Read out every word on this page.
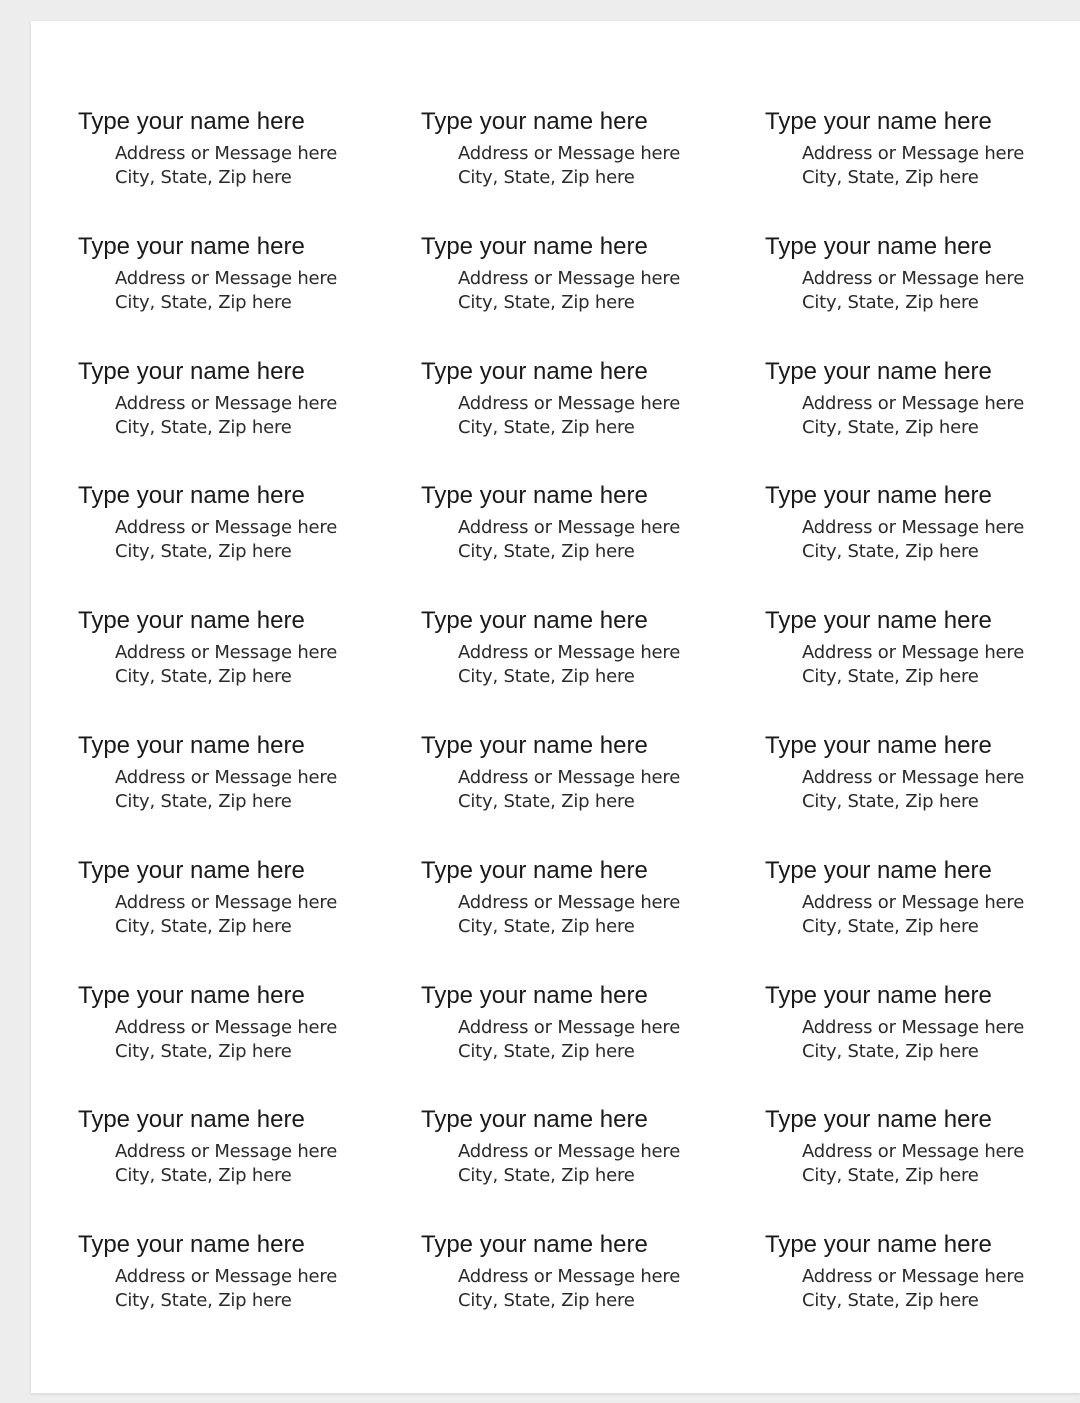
Type your name here
Address or Message here
City, State, Zip here
Type your name here
Address or Message here
City, State, Zip here
Type your name here
Address or Message here
City, State, Zip here
Type your name here
Address or Message here
City, State, Zip here
Type your name here
Address or Message here
City, State, Zip here
Type your name here
Address or Message here
City, State, Zip here
Type your name here
Address or Message here
City, State, Zip here
Type your name here
Address or Message here
City, State, Zip here
Type your name here
Address or Message here
City, State, Zip here
Type your name here
Address or Message here
City, State, Zip here
Type your name here
Address or Message here
City, State, Zip here
Type your name here
Address or Message here
City, State, Zip here
Type your name here
Address or Message here
City, State, Zip here
Type your name here
Address or Message here
City, State, Zip here
Type your name here
Address or Message here
City, State, Zip here
Type your name here
Address or Message here
City, State, Zip here
Type your name here
Address or Message here
City, State, Zip here
Type your name here
Address or Message here
City, State, Zip here
Type your name here
Address or Message here
City, State, Zip here
Type your name here
Address or Message here
City, State, Zip here
Type your name here
Address or Message here
City, State, Zip here
Type your name here
Address or Message here
City, State, Zip here
Type your name here
Address or Message here
City, State, Zip here
Type your name here
Address or Message here
City, State, Zip here
Type your name here
Address or Message here
City, State, Zip here
Type your name here
Address or Message here
City, State, Zip here
Type your name here
Address or Message here
City, State, Zip here
Type your name here
Address or Message here
City, State, Zip here
Type your name here
Address or Message here
City, State, Zip here
Type your name here
Address or Message here
City, State, Zip here
